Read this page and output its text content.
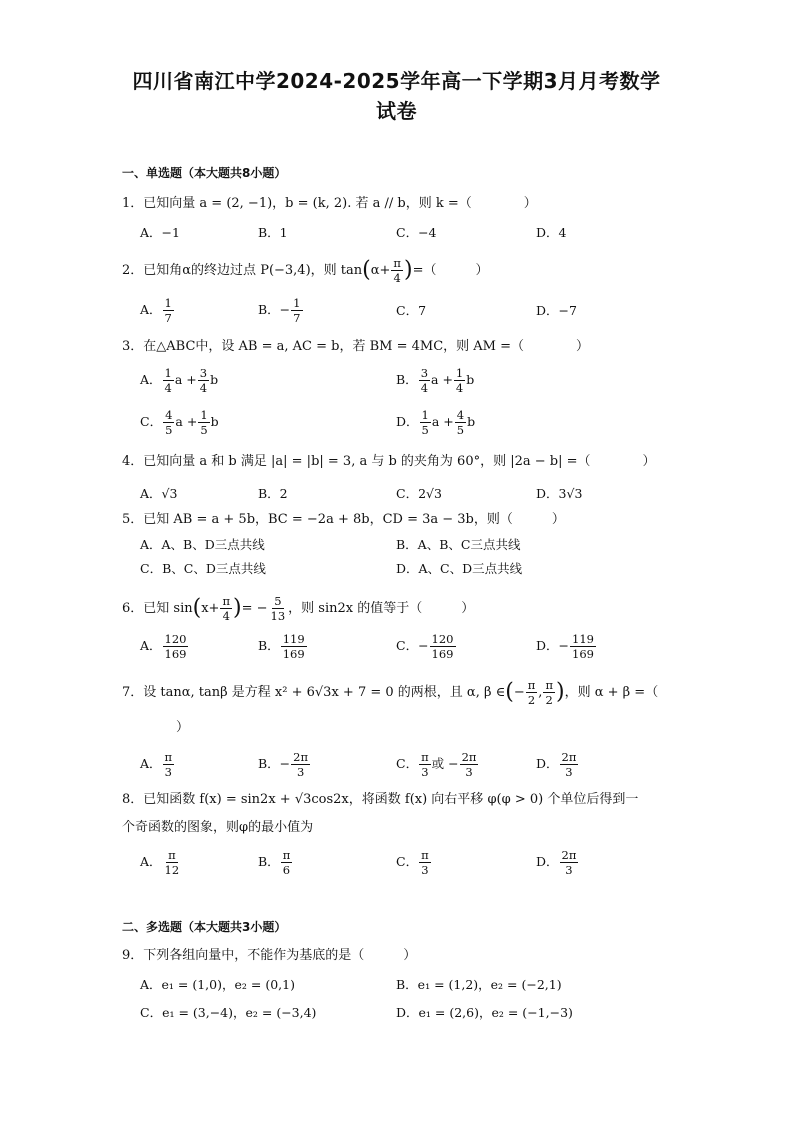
四川省南江中学2024-2025学年高一下学期3月月考数学
试卷
一、单选题（本大题共8小题）
1．已知向量 a = (2, −1)，b = (k, 2). 若 a // b，则 k =（　　　　）
A．−1	B．1	C．−4	D．4
2．已知角α的终边过点 P(−3,4)，则 $\tan(\alpha+ \frac{\pi}{4}$ )=（　　　）
A． $\frac{1}{7}$	B．− $\frac{1}{7}$	C．7	D．−7
3．在△ABC中，设 AB = a, AC = b，若 BM = 4MC，则 AM =（　　　　）
A． $\frac{1}{4}$ $a + \frac{3}{4}$ b	B． $\frac{3}{4}$ $a + \frac{1}{4}$ b
C． $\frac{4}{5}$ $a + \frac{1}{5}$ b	D． $\frac{1}{5}$ $a + \frac{4}{5}$ b
4．已知向量 a 和 b 满足 |a| = |b| = 3, a 与 b 的夹角为 60°，则 |2a − b| =（　　　　）
A．√3	B．2	C．2√3	D．3√3
5．已知 AB = a + 5b，BC = −2a + 8b，CD = 3a − 3b，则（　　　）
A．A、B、D三点共线	B．A、B、C三点共线
C．B、C、D三点共线	D．A、C、D三点共线
6．已知 $\sin(x+ \frac{\pi}{4}$ )= − $\frac{5}{13}$ ，则 sin2x 的值等于（　　　）
A． $\frac{120}{169}$	B． $\frac{119}{169}$	C．− $\frac{120}{169}$	D．− $\frac{119}{169}$
7．设 tanα, tanβ 是方程 x² + 6√3x + 7 = 0 的两根，且 α, β ∈(− $\frac{\pi}{2}$ , $\frac{\pi}{2}$ )，则 α + β =（
）
A． $\frac{\pi}{3}$	B．− $\frac{2\pi}{3}$	C． $\frac{\pi}{3}$ 或 − $\frac{2\pi}{3}$	D． $\frac{2\pi}{3}$
8．已知函数 f(x) = sin2x + √3cos2x，将函数 f(x) 向右平移 φ(φ > 0) 个单位后得到一
个奇函数的图象，则φ的最小值为
A． $\frac{\pi}{12}$	B． $\frac{\pi}{6}$	C． $\frac{\pi}{3}$	D． $\frac{2\pi}{3}$
二、多选题（本大题共3小题）
9．下列各组向量中，不能作为基底的是（　　　）
A．e₁ = (1,0)，e₂ = (0,1)	B．e₁ = (1,2)，e₂ = (−2,1)
C．e₁ = (3,−4)，e₂ = (−3,4)	D．e₁ = (2,6)，e₂ = (−1,−3)
